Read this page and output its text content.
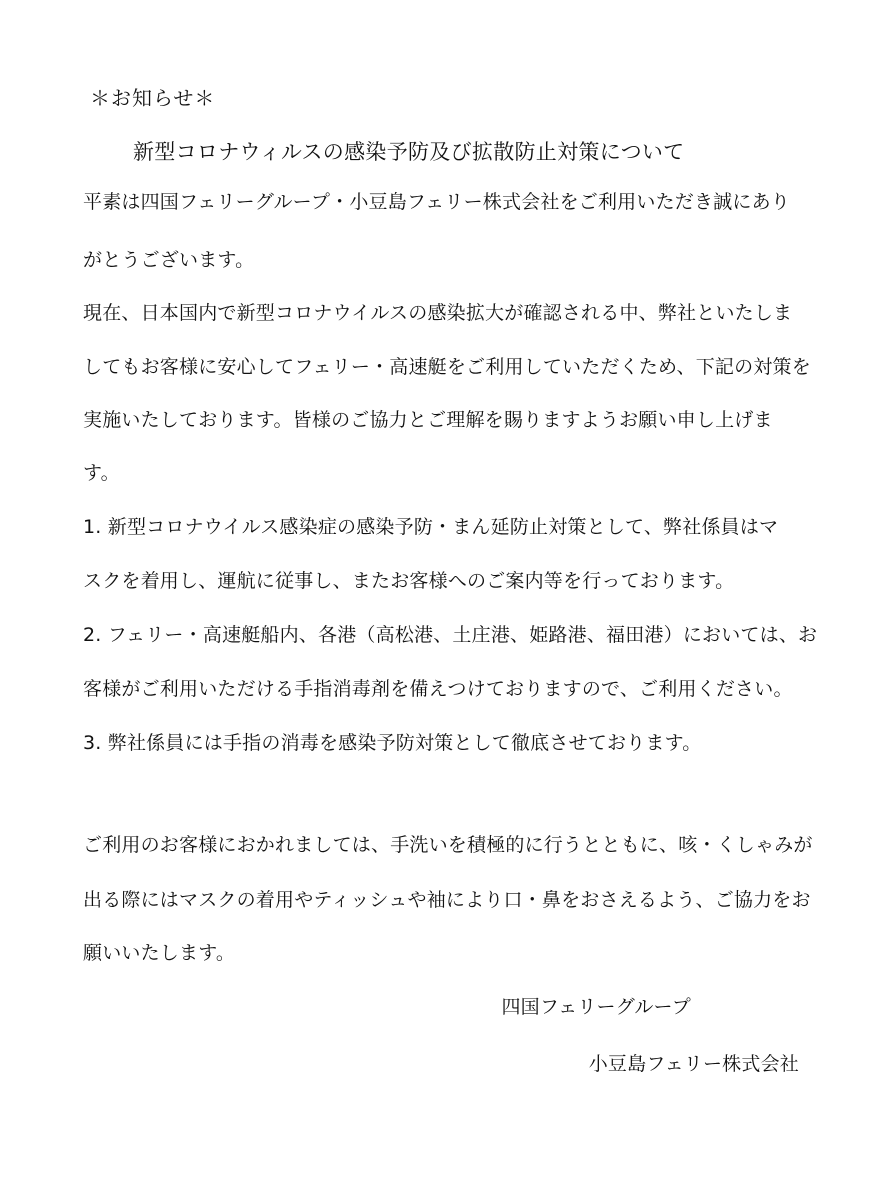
＊お知らせ＊
新型コロナウィルスの感染予防及び拡散防止対策について
平素は四国フェリーグループ・小豆島フェリー株式会社をご利用いただき誠にあり
がとうございます。
現在、日本国内で新型コロナウイルスの感染拡大が確認される中、弊社といたしま
してもお客様に安心してフェリー・高速艇をご利用していただくため、下記の対策を
実施いたしております。皆様のご協力とご理解を賜りますようお願い申し上げま
す。
1. 新型コロナウイルス感染症の感染予防・まん延防止対策として、弊社係員はマ
スクを着用し、運航に従事し、またお客様へのご案内等を行っております。
2. フェリー・高速艇船内、各港（高松港、土庄港、姫路港、福田港）においては、お
客様がご利用いただける手指消毒剤を備えつけておりますので、ご利用ください。
3. 弊社係員には手指の消毒を感染予防対策として徹底させております。
ご利用のお客様におかれましては、手洗いを積極的に行うとともに、咳・くしゃみが
出る際にはマスクの着用やティッシュや袖により口・鼻をおさえるよう、ご協力をお
願いいたします。
四国フェリーグループ
小豆島フェリー株式会社
